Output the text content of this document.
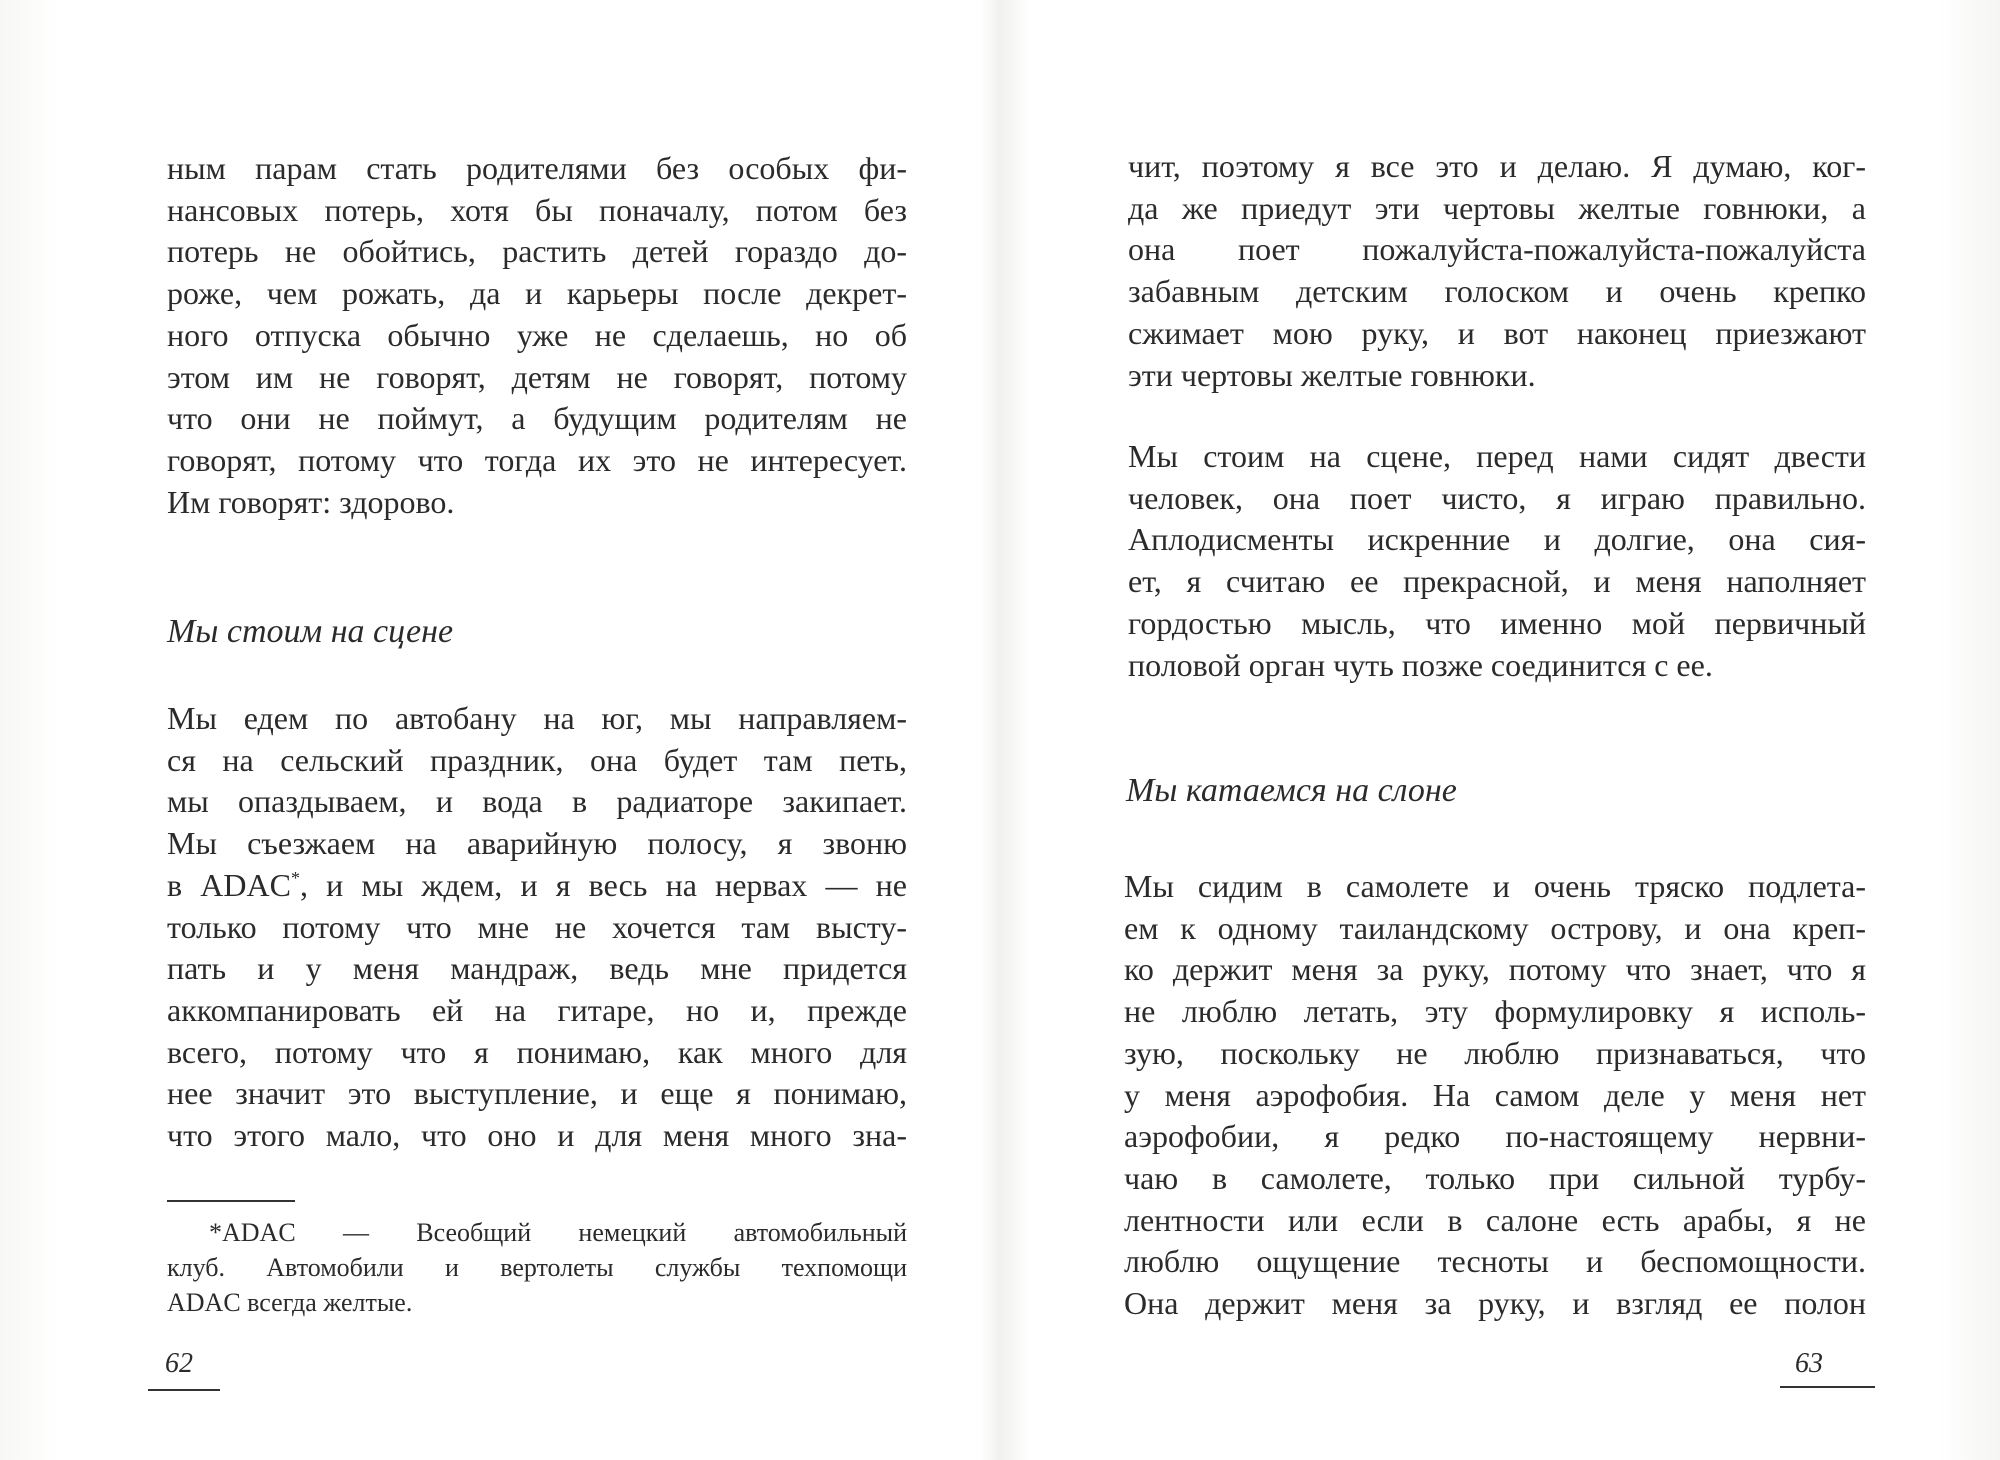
ным парам стать родителями без особых фи-
нансовых потерь, хотя бы поначалу, потом без
потерь не обойтись, растить детей гораздо до-
роже, чем рожать, да и карьеры после декрет-
ного отпуска обычно уже не сделаешь, но об
этом им не говорят, детям не говорят, потому
что они не поймут, а будущим родителям не
говорят, потому что тогда их это не интересует.
Им говорят: здорово.
Мы стоим на сцене
Мы едем по автобану на юг, мы направляем-
ся на сельский праздник, она будет там петь,
мы опаздываем, и вода в радиаторе закипает.
Мы съезжаем на аварийную полосу, я звоню
в ADAC*, и мы ждем, и я весь на нервах — не
только потому что мне не хочется там высту-
пать и у меня мандраж, ведь мне придется
аккомпанировать ей на гитаре, но и, прежде
всего, потому что я понимаю, как много для
нее значит это выступление, и еще я понимаю,
что этого мало, что оно и для меня много зна-
*ADAC — Всеобщий немецкий автомобильный
клуб. Автомобили и вертолеты службы техпомощи
ADAC всегда желтые.
62
чит, поэтому я все это и делаю. Я думаю, ког-
да же приедут эти чертовы желтые говнюки, а
она поет пожалуйста-пожалуйста-пожалуйста
забавным детским голоском и очень крепко
сжимает мою руку, и вот наконец приезжают
эти чертовы желтые говнюки.
Мы стоим на сцене, перед нами сидят двести
человек, она поет чисто, я играю правильно.
Аплодисменты искренние и долгие, она сия-
ет, я считаю ее прекрасной, и меня наполняет
гордостью мысль, что именно мой первичный
половой орган чуть позже соединится с ее.
Мы катаемся на слоне
Мы сидим в самолете и очень тряско подлета-
ем к одному таиландскому острову, и она креп-
ко держит меня за руку, потому что знает, что я
не люблю летать, эту формулировку я исполь-
зую, поскольку не люблю признаваться, что
у меня аэрофобия. На самом деле у меня нет
аэрофобии, я редко по-настоящему нервни-
чаю в самолете, только при сильной турбу-
лентности или если в салоне есть арабы, я не
люблю ощущение тесноты и беспомощности.
Она держит меня за руку, и взгляд ее полон
63
